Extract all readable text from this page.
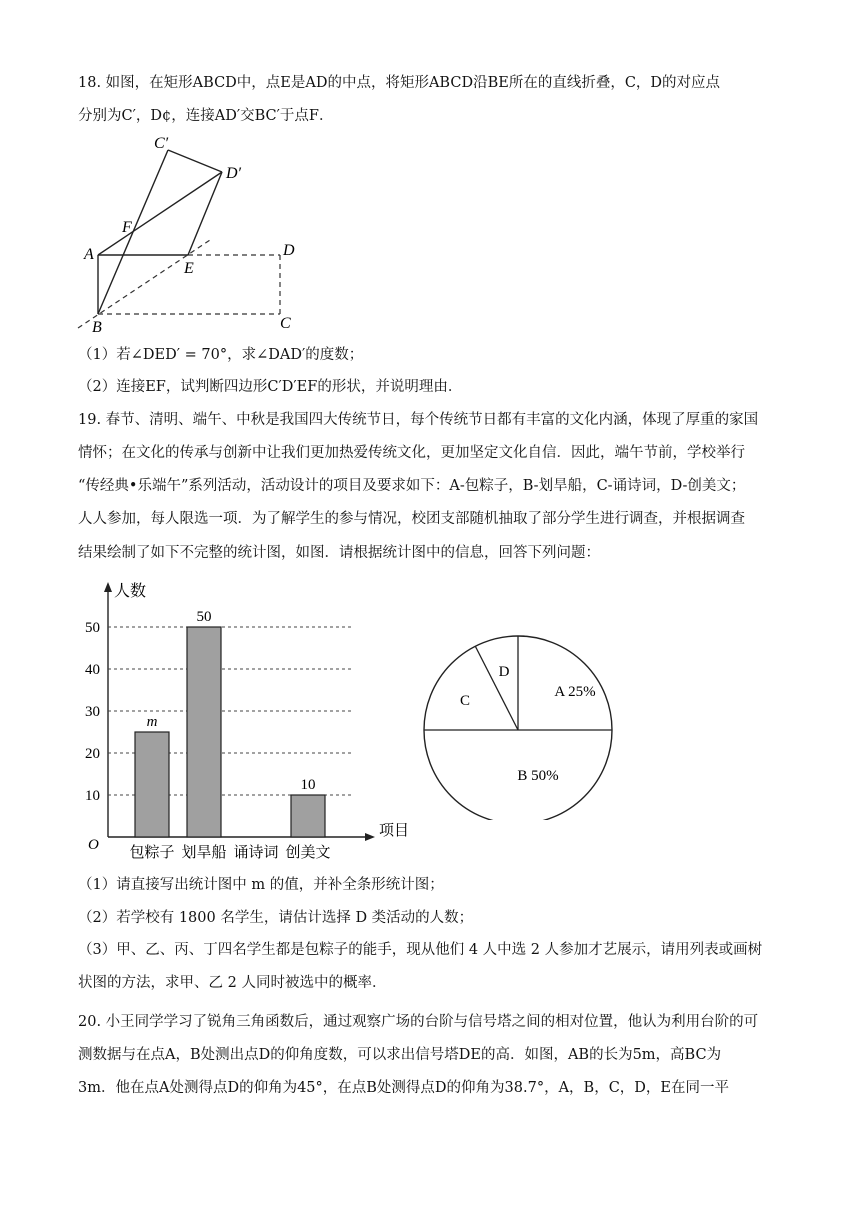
18. 如图，在矩形ABCD中，点E是AD的中点，将矩形ABCD沿BE所在的直线折叠，C，D的对应点
分别为C′，D¢，连接AD′交BC′于点F．
C′
D′
F
A
E
D
B	C
（1）若∠DED′ = 70°，求∠DAD′的度数；
（2）连接EF，试判断四边形C′D′EF的形状，并说明理由．
19. 春节、清明、端午、中秋是我国四大传统节日，每个传统节日都有丰富的文化内涵，体现了厚重的家国
情怀；在文化的传承与创新中让我们更加热爱传统文化，更加坚定文化自信．因此，端午节前，学校举行
“传经典•乐端午”系列活动，活动设计的项目及要求如下：A-包粽子，B-划旱船，C-诵诗词，D-创美文；
人人参加，每人限选一项．为了解学生的参与情况，校团支部随机抽取了部分学生进行调查，并根据调查
结果绘制了如下不完整的统计图，如图．请根据统计图中的信息，回答下列问题：
人数
项目
O
10
20
30
40
50
m
包粽子
50
划旱船 诵诗词
10
创美文
A 25%
B 50%
C
D
（1）请直接写出统计图中 m 的值，并补全条形统计图；
（2）若学校有 1800 名学生，请估计选择 D 类活动的人数；
（3）甲、乙、丙、丁四名学生都是包粽子的能手，现从他们 4 人中选 2 人参加才艺展示，请用列表或画树
状图的方法，求甲、乙 2 人同时被选中的概率．
20. 小王同学学习了锐角三角函数后，通过观察广场的台阶与信号塔之间的相对位置，他认为利用台阶的可
测数据与在点A，B处测出点D的仰角度数，可以求出信号塔DE的高．如图，AB的长为5m，高BC为
3m．他在点A处测得点D的仰角为45°，在点B处测得点D的仰角为38.7°，A，B，C，D，E在同一平
